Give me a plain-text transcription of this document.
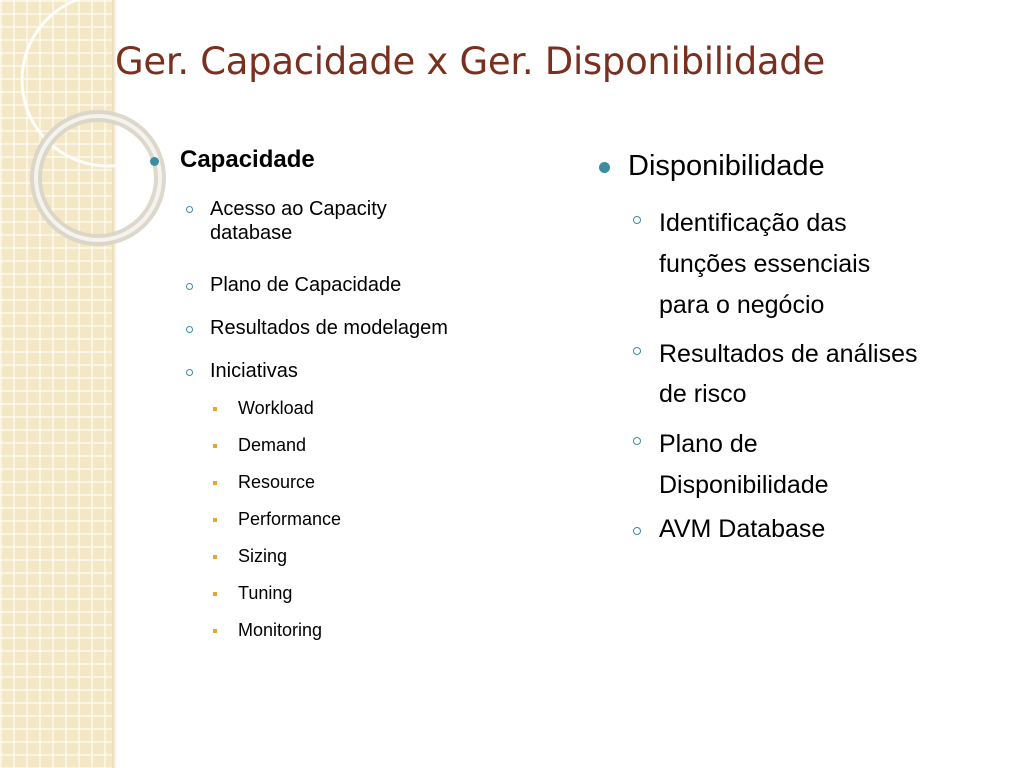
Ger. Capacidade x Ger. Disponibilidade
Capacidade
Acesso ao Capacity
database
Plano de Capacidade
Resultados de modelagem
Iniciativas
Workload
Demand
Resource
Performance
Sizing
Tuning
Monitoring
Disponibilidade
Identificação das
funções essenciais
para o negócio
Resultados de análises
de risco
Plano de
Disponibilidade
AVM Database
